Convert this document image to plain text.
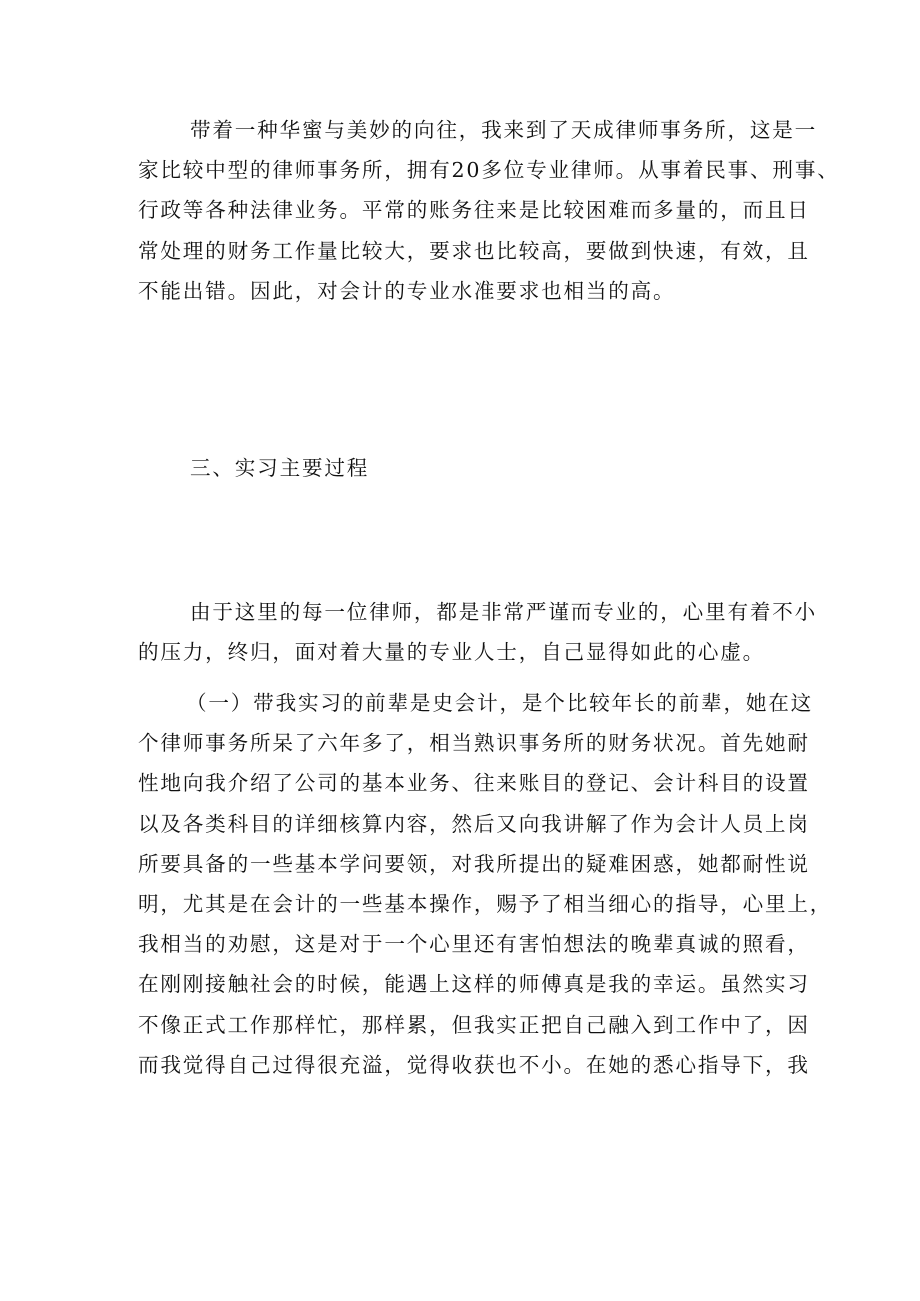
带着一种华蜜与美妙的向往，我来到了天成律师事务所，这是一
家比较中型的律师事务所，拥有20多位专业律师。从事着民事、刑事、
行政等各种法律业务。平常的账务往来是比较困难而多量的，而且日
常处理的财务工作量比较大，要求也比较高，要做到快速，有效，且
不能出错。因此，对会计的专业水准要求也相当的高。
三、实习主要过程
由于这里的每一位律师，都是非常严谨而专业的，心里有着不小
的压力，终归，面对着大量的专业人士，自己显得如此的心虚。
（一）带我实习的前辈是史会计，是个比较年长的前辈，她在这
个律师事务所呆了六年多了，相当熟识事务所的财务状况。首先她耐
性地向我介绍了公司的基本业务、往来账目的登记、会计科目的设置
以及各类科目的详细核算内容，然后又向我讲解了作为会计人员上岗
所要具备的一些基本学问要领，对我所提出的疑难困惑，她都耐性说
明，尤其是在会计的一些基本操作，赐予了相当细心的指导，心里上，
我相当的劝慰，这是对于一个心里还有害怕想法的晚辈真诚的照看，
在刚刚接触社会的时候，能遇上这样的师傅真是我的幸运。虽然实习
不像正式工作那样忙，那样累，但我实正把自己融入到工作中了，因
而我觉得自己过得很充溢，觉得收获也不小。在她的悉心指导下，我
